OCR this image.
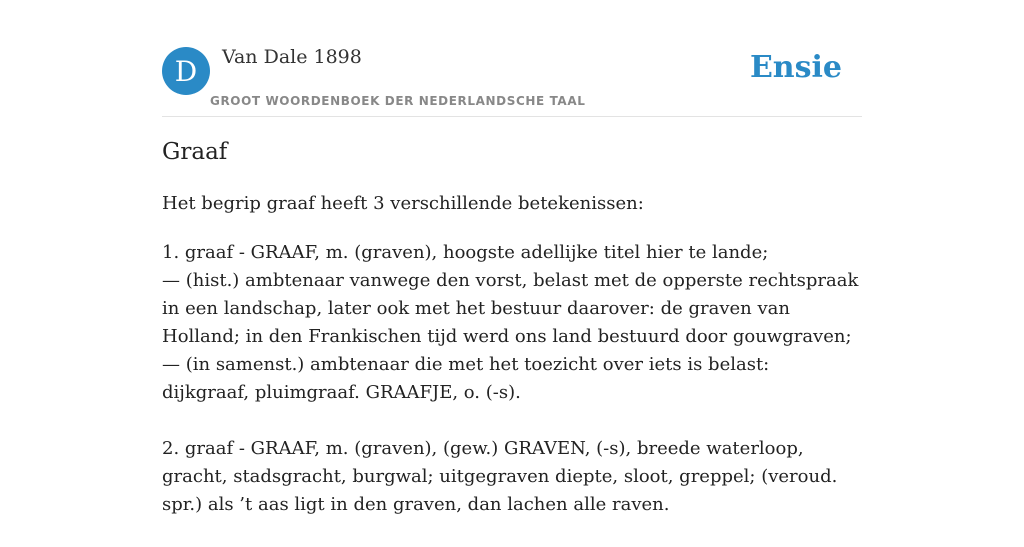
D	Van Dale 1898
GROOT WOORDENBOEK DER NEDERLANDSCHE TAAL
Ensie
Graaf

Het begrip graaf heeft 3 verschillende betekenissen:

1. graaf - GRAAF, m. (graven), hoogste adellijke titel hier te lande;
— (hist.) ambtenaar vanwege den vorst, belast met de opperste rechtspraak in een landschap, later ook met het bestuur daarover: de graven van Holland; in den Frankischen tijd werd ons land bestuurd door gouwgraven;
— (in samenst.) ambtenaar die met het toezicht over iets is belast: dijkgraaf, pluimgraaf. GRAAFJE, o. (-s).
2. graaf - GRAAF, m. (graven), (gew.) GRAVEN, (-s), breede waterloop, gracht, stadsgracht, burgwal; uitgegraven diepte, sloot, greppel; (veroud. spr.) als ’t aas ligt in den graven, dan lachen alle raven.
